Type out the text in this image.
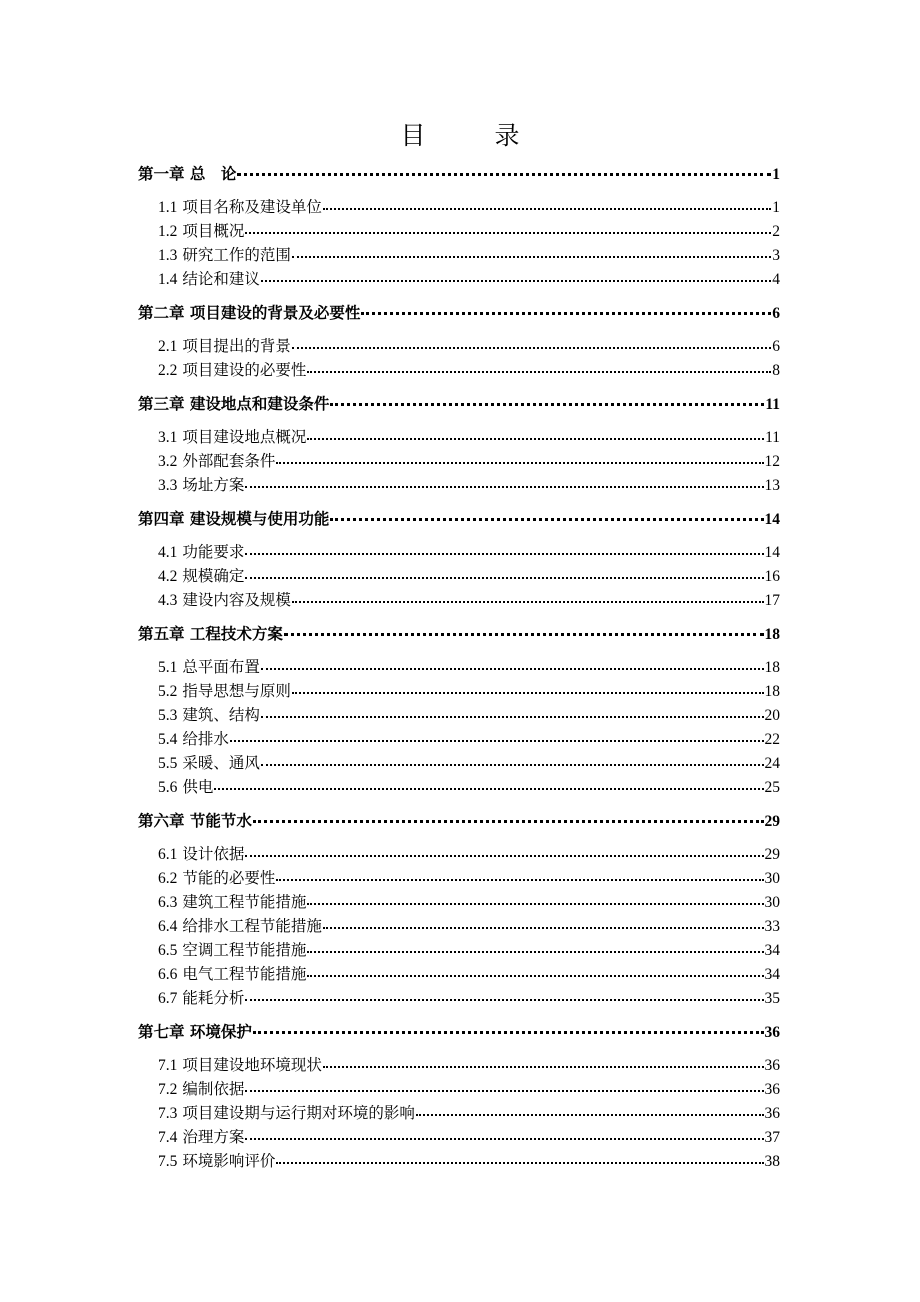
目　录
第一章 总　论	1
1.1 项目名称及建设单位	1
1.2 项目概况	2
1.3 研究工作的范围	3
1.4 结论和建议	4
第二章 项目建设的背景及必要性	6
2.1 项目提出的背景	6
2.2 项目建设的必要性	8
第三章 建设地点和建设条件	11
3.1 项目建设地点概况	11
3.2 外部配套条件	12
3.3 场址方案	13
第四章 建设规模与使用功能	14
4.1 功能要求	14
4.2 规模确定	16
4.3 建设内容及规模	17
第五章 工程技术方案	18
5.1 总平面布置	18
5.2 指导思想与原则	18
5.3 建筑、结构	20
5.4 给排水	22
5.5 采暖、通风	24
5.6 供电	25
第六章 节能节水	29
6.1 设计依据	29
6.2 节能的必要性	30
6.3 建筑工程节能措施	30
6.4 给排水工程节能措施	33
6.5 空调工程节能措施	34
6.6 电气工程节能措施	34
6.7 能耗分析	35
第七章 环境保护	36
7.1 项目建设地环境现状	36
7.2 编制依据	36
7.3 项目建设期与运行期对环境的影响	36
7.4 治理方案	37
7.5 环境影响评价	38
